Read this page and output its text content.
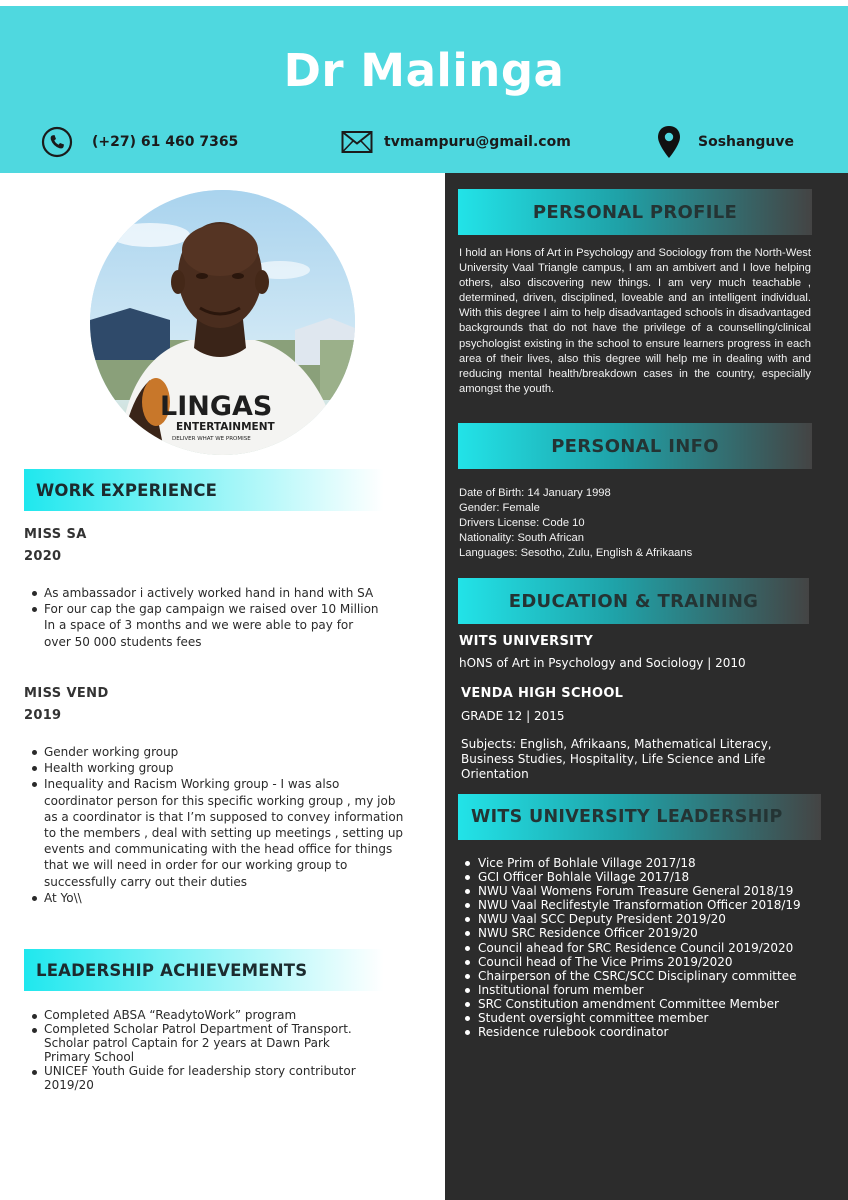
Dr Malinga
(+27) 61 460 7365	tvmampuru@gmail.com	Soshanguve
LINGAS
ENTERTAINMENT
DELIVER WHAT WE PROMISE
PERSONAL PROFILE
I hold an Hons of Art in Psychology and Sociology from the North-West University Vaal Triangle campus, I am an ambivert and I love helping others, also discovering new things. I am very much teachable , determined, driven, disciplined, loveable and an intelligent individual. With this degree I aim to help disadvantaged schools in disadvantaged backgrounds that do not have the privilege of a counselling/clinical psychologist existing in the school to ensure learners progress in each area of their lives, also this degree will help me in dealing with and reducing mental health/breakdown cases in the country, especially amongst the youth.
PERSONAL INFO
Date of Birth: 14 January 1998
Gender: Female
Drivers License: Code 10
Nationality: South African
Languages: Sesotho, Zulu, English & Afrikaans
EDUCATION & TRAINING
WITS UNIVERSITY
hONS of Art in Psychology and Sociology | 2010
VENDA HIGH SCHOOL
GRADE 12 | 2015
Subjects: English, Afrikaans, Mathematical Literacy, Business Studies, Hospitality, Life Science and Life Orientation
WITS UNIVERSITY LEADERSHIP
Vice Prim of Bohlale Village 2017/18
GCI Officer Bohlale Village 2017/18
NWU Vaal Womens Forum Treasure General 2018/19
NWU Vaal Reclifestyle Transformation Officer 2018/19
NWU Vaal SCC Deputy President 2019/20
NWU SRC Residence Officer 2019/20
Council ahead for SRC Residence Council 2019/2020
Council head of The Vice Prims 2019/2020
Chairperson of the CSRC/SCC Disciplinary committee
Institutional forum member
SRC Constitution amendment Committee Member
Student oversight committee member
Residence rulebook coordinator
WORK EXPERIENCE
MISS SA
2020
As ambassador i actively worked hand in hand with SA
For our cap the gap campaign we raised over 10 Million In a space of 3 months and we were able to pay for over 50 000 students fees
MISS VEND
2019
Gender working group
Health working group
Inequality and Racism Working group - I was also coordinator person for this specific working group , my job as a coordinator is that I’m supposed to convey information to the members , deal with setting up meetings , setting up events and communicating with the head office for things that we will need in order for our working group to successfully carry out their duties
At Yo\\
LEADERSHIP ACHIEVEMENTS
Completed ABSA “ReadytoWork” program
Completed Scholar Patrol Department of Transport. Scholar patrol Captain for 2 years at Dawn Park Primary School
UNICEF Youth Guide for leadership story contributor 2019/20
